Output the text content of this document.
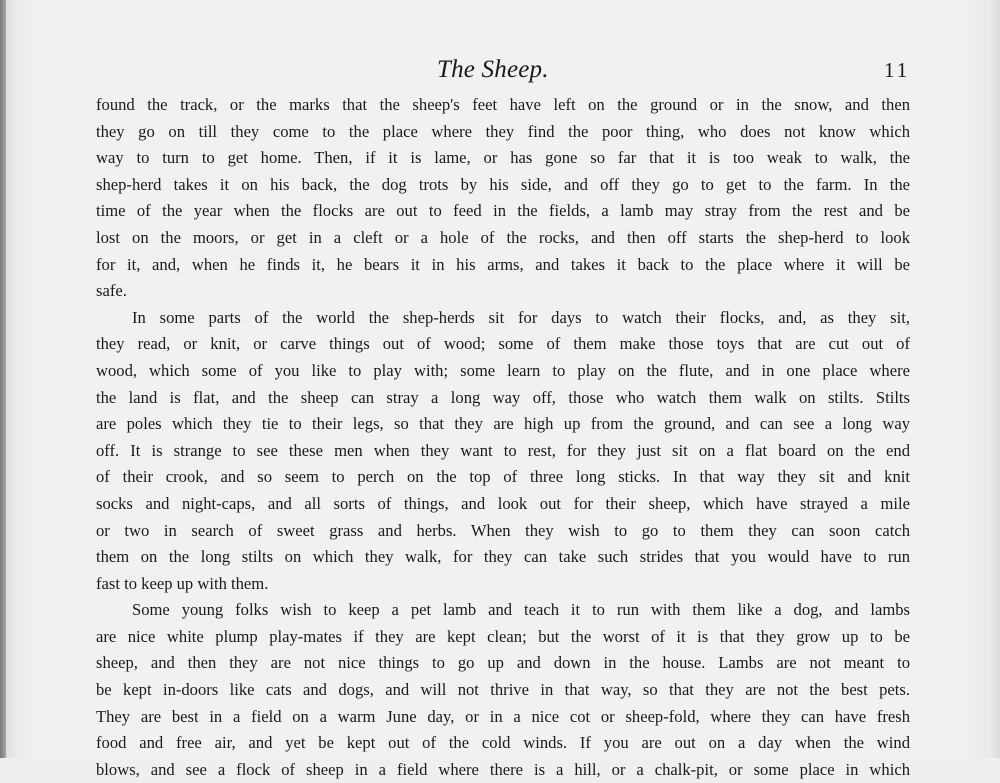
The Sheep.	11
found the track, or the marks that the sheep's feet have left on the ground or in the snow, and then
they go on till they come to the place where they find the poor thing, who does not know which
way to turn to get home. Then, if it is lame, or has gone so far that it is too weak to walk, the
shep-herd takes it on his back, the dog trots by his side, and off they go to get to the farm. In the
time of the year when the flocks are out to feed in the fields, a lamb may stray from the rest and be
lost on the moors, or get in a cleft or a hole of the rocks, and then off starts the shep-herd to look
for it, and, when he finds it, he bears it in his arms, and takes it back to the place where it will be
safe.
In some parts of the world the shep-herds sit for days to watch their flocks, and, as they sit,
they read, or knit, or carve things out of wood; some of them make those toys that are cut out of
wood, which some of you like to play with; some learn to play on the flute, and in one place where
the land is flat, and the sheep can stray a long way off, those who watch them walk on stilts. Stilts
are poles which they tie to their legs, so that they are high up from the ground, and can see a long way
off. It is strange to see these men when they want to rest, for they just sit on a flat board on the end
of their crook, and so seem to perch on the top of three long sticks. In that way they sit and knit
socks and night-caps, and all sorts of things, and look out for their sheep, which have strayed a mile
or two in search of sweet grass and herbs. When they wish to go to them they can soon catch
them on the long stilts on which they walk, for they can take such strides that you would have to run
fast to keep up with them.
Some young folks wish to keep a pet lamb and teach it to run with them like a dog, and lambs
are nice white plump play-mates if they are kept clean; but the worst of it is that they grow up to be
sheep, and then they are not nice things to go up and down in the house. Lambs are not meant to
be kept in-doors like cats and dogs, and will not thrive in that way, so that they are not the best pets.
They are best in a field on a warm June day, or in a nice cot or sheep-fold, where they can have fresh
food and free air, and yet be kept out of the cold winds. If you are out on a day when the wind
blows, and see a flock of sheep in a field where there is a hill, or a chalk-pit, or some place in which
